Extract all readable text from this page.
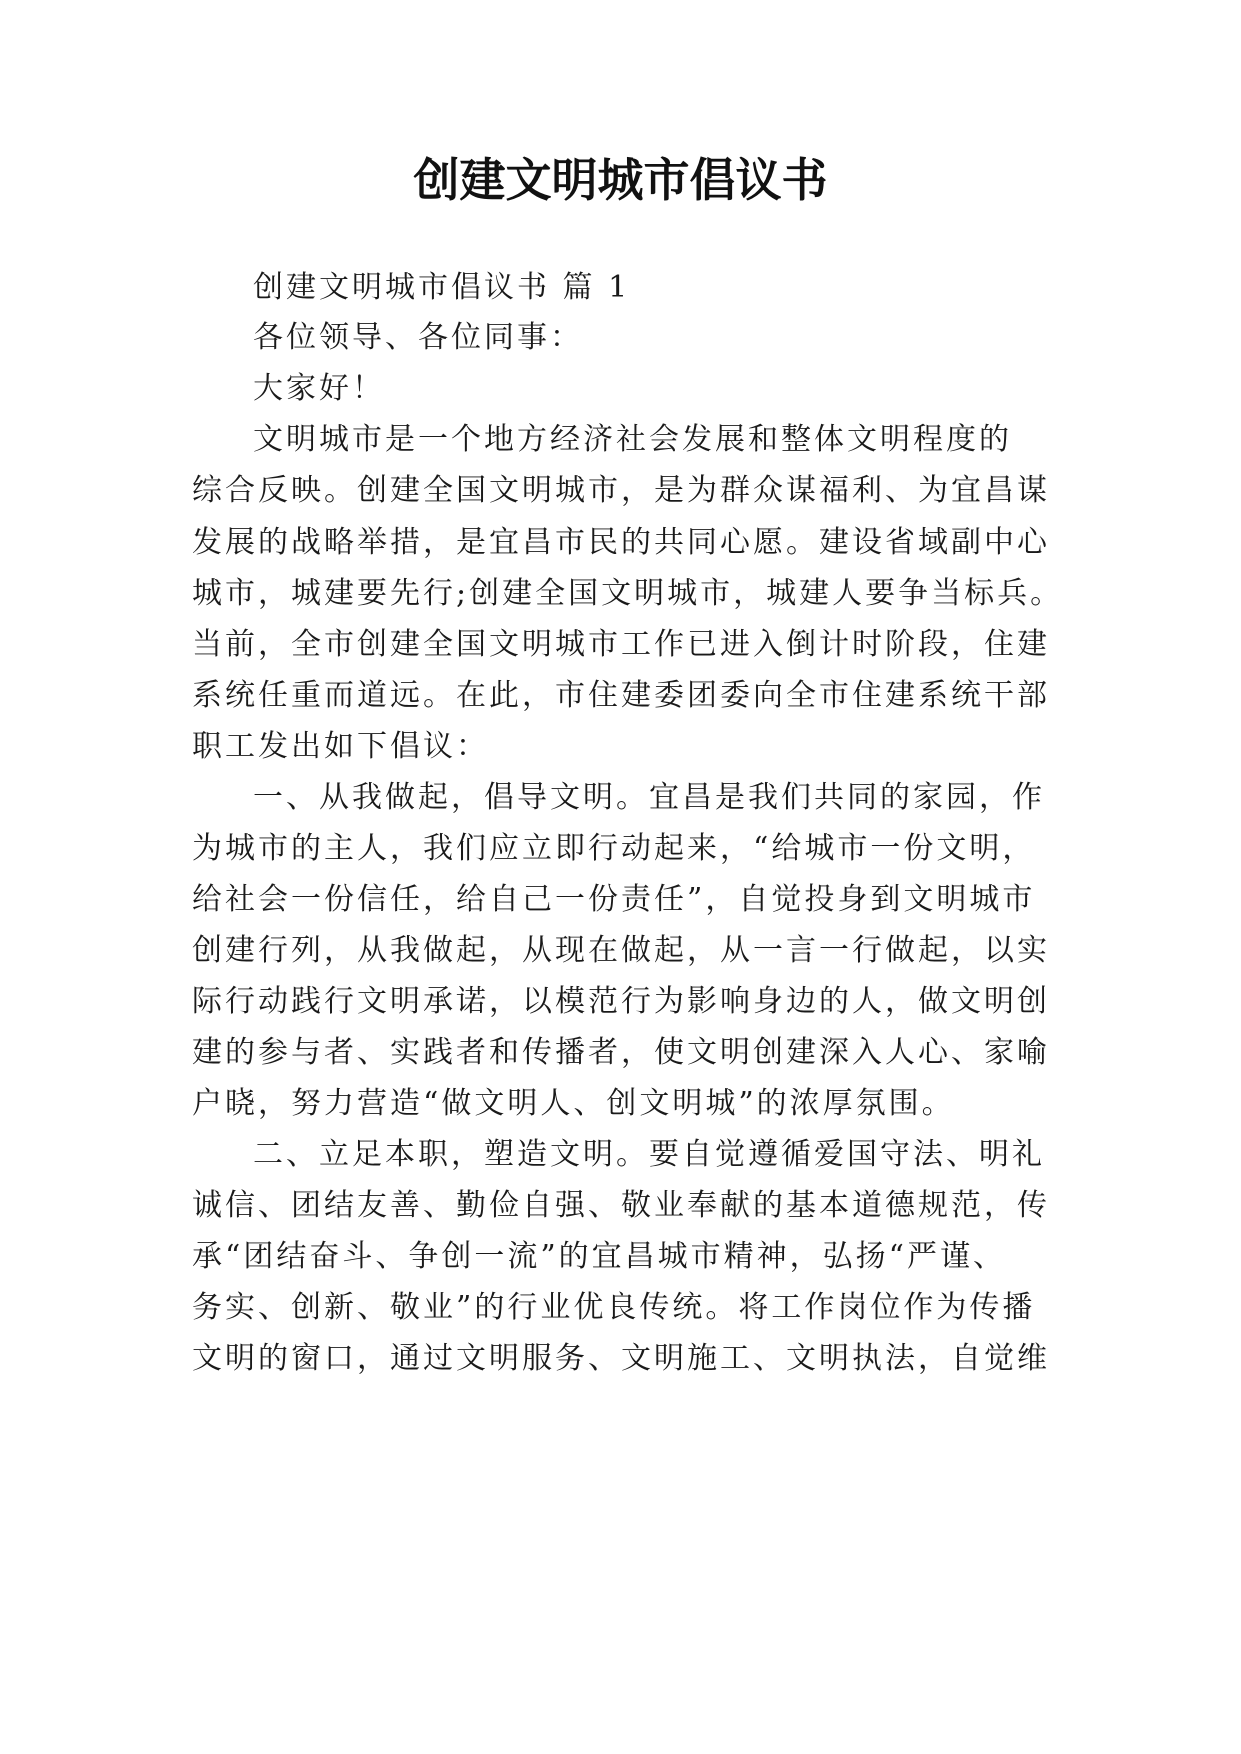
创建文明城市倡议书
创建文明城市倡议书 篇 1
各位领导、各位同事：
大家好！
文明城市是一个地方经济社会发展和整体文明程度的
综合反映。创建全国文明城市，是为群众谋福利、为宜昌谋
发展的战略举措，是宜昌市民的共同心愿。建设省域副中心
城市，城建要先行;创建全国文明城市，城建人要争当标兵。
当前，全市创建全国文明城市工作已进入倒计时阶段，住建
系统任重而道远。在此，市住建委团委向全市住建系统干部
职工发出如下倡议：
一、从我做起，倡导文明。宜昌是我们共同的家园，作
为城市的主人，我们应立即行动起来，“给城市一份文明，
给社会一份信任，给自己一份责任”，自觉投身到文明城市
创建行列，从我做起，从现在做起，从一言一行做起，以实
际行动践行文明承诺，以模范行为影响身边的人，做文明创
建的参与者、实践者和传播者，使文明创建深入人心、家喻
户晓，努力营造“做文明人、创文明城”的浓厚氛围。
二、立足本职，塑造文明。要自觉遵循爱国守法、明礼
诚信、团结友善、勤俭自强、敬业奉献的基本道德规范，传
承“团结奋斗、争创一流”的宜昌城市精神，弘扬“严谨、
务实、创新、敬业”的行业优良传统。将工作岗位作为传播
文明的窗口，通过文明服务、文明施工、文明执法，自觉维
